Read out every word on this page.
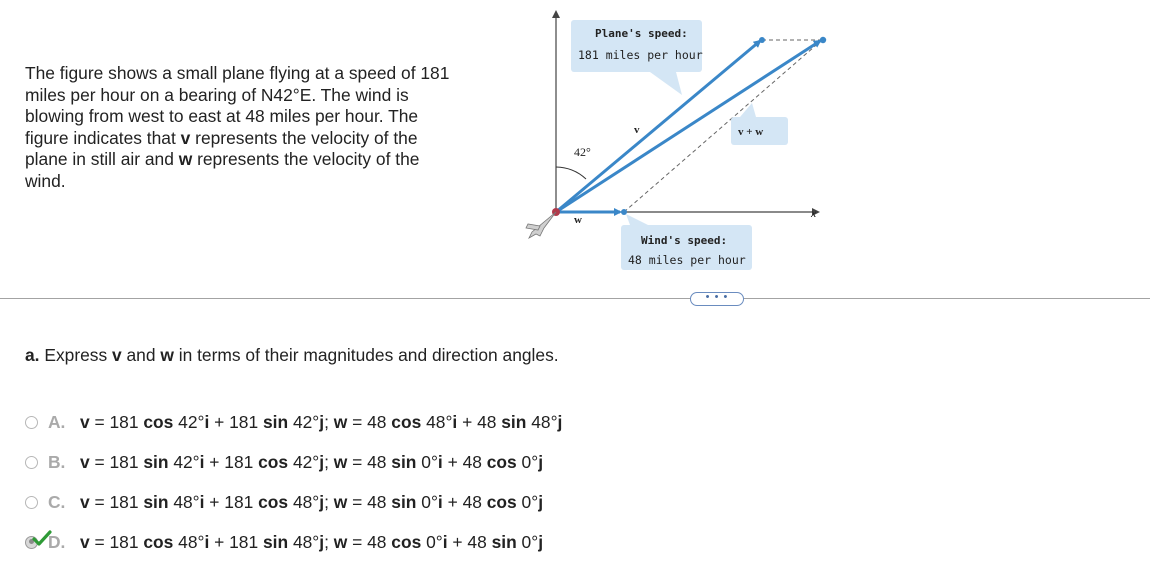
The figure shows a small plane flying at a speed of 181

miles per hour on a bearing of N42°E. The wind is

blowing from west to east at 48 miles per hour. The

figure indicates that v represents the velocity of the

plane in still air and w represents the velocity of the

wind.

x
42°
v
w
Plane's speed:
181 miles per hour
v + w
Wind's speed:
48 miles per hour
• • •
a. Express v and w in terms of their magnitudes and direction angles.
A. v = 181 cos 42°i + 181 sin 42°j; w = 48 cos 48°i + 48 sin 48°j
B. v = 181 sin 42°i + 181 cos 42°j; w = 48 sin 0°i + 48 cos 0°j
C. v = 181 sin 48°i + 181 cos 48°j; w = 48 sin 0°i + 48 cos 0°j
D. v = 181 cos 48°i + 181 sin 48°j; w = 48 cos 0°i + 48 sin 0°j
